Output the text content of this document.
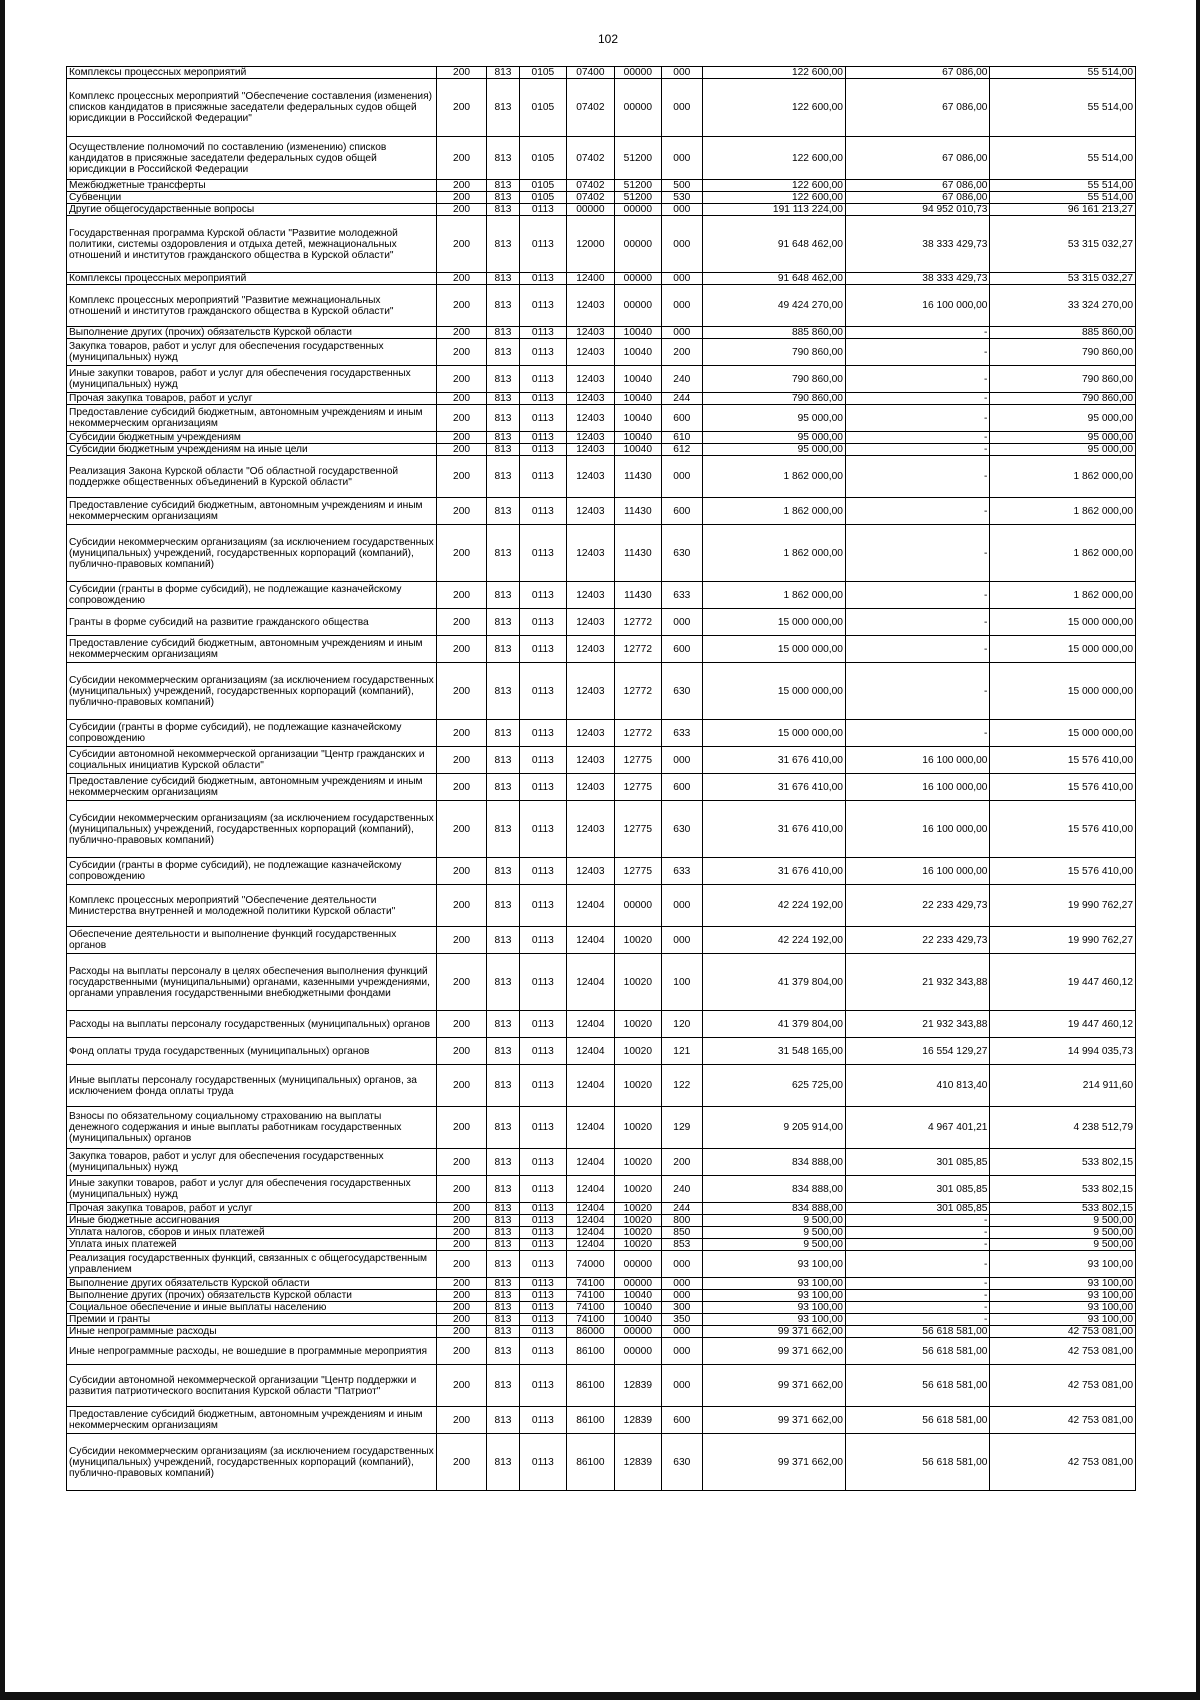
102
Комплексы процессных мероприятий	200	813	0105	07400	00000	000	122 600,00	67 086,00	55 514,00
Комплекс процессных мероприятий "Обеспечение составления (изменения) списков кандидатов в присяжные заседатели федеральных судов общей юрисдикции в Российской Федерации"	200	813	0105	07402	00000	000	122 600,00	67 086,00	55 514,00
Осуществление полномочий по составлению (изменению) списков кандидатов в присяжные заседатели федеральных судов общей юрисдикции в Российской Федерации	200	813	0105	07402	51200	000	122 600,00	67 086,00	55 514,00
Межбюджетные трансферты	200	813	0105	07402	51200	500	122 600,00	67 086,00	55 514,00
Субвенции	200	813	0105	07402	51200	530	122 600,00	67 086,00	55 514,00
Другие общегосударственные вопросы	200	813	0113	00000	00000	000	191 113 224,00	94 952 010,73	96 161 213,27
Государственная программа Курской области "Развитие молодежной политики, системы оздоровления и отдыха детей, межнациональных отношений и институтов гражданского общества в Курской области"	200	813	0113	12000	00000	000	91 648 462,00	38 333 429,73	53 315 032,27
Комплексы процессных мероприятий	200	813	0113	12400	00000	000	91 648 462,00	38 333 429,73	53 315 032,27
Комплекс процессных мероприятий "Развитие межнациональных отношений и институтов гражданского общества в Курской области"	200	813	0113	12403	00000	000	49 424 270,00	16 100 000,00	33 324 270,00
Выполнение других (прочих) обязательств Курской области	200	813	0113	12403	10040	000	885 860,00	-	885 860,00
Закупка товаров, работ и услуг для обеспечения государственных (муниципальных) нужд	200	813	0113	12403	10040	200	790 860,00	-	790 860,00
Иные закупки товаров, работ и услуг для обеспечения государственных (муниципальных) нужд	200	813	0113	12403	10040	240	790 860,00	-	790 860,00
Прочая закупка товаров, работ и услуг	200	813	0113	12403	10040	244	790 860,00	-	790 860,00
Предоставление субсидий бюджетным, автономным учреждениям и иным некоммерческим организациям	200	813	0113	12403	10040	600	95 000,00	-	95 000,00
Субсидии бюджетным учреждениям	200	813	0113	12403	10040	610	95 000,00	-	95 000,00
Субсидии бюджетным учреждениям на иные цели	200	813	0113	12403	10040	612	95 000,00	-	95 000,00
Реализация Закона Курской области "Об областной государственной поддержке общественных объединений в Курской области"	200	813	0113	12403	11430	000	1 862 000,00	-	1 862 000,00
Предоставление субсидий бюджетным, автономным учреждениям и иным некоммерческим организациям	200	813	0113	12403	11430	600	1 862 000,00	-	1 862 000,00
Субсидии некоммерческим организациям (за исключением государственных (муниципальных) учреждений, государственных корпораций (компаний), публично-правовых компаний)	200	813	0113	12403	11430	630	1 862 000,00	-	1 862 000,00
Субсидии (гранты в форме субсидий), не подлежащие казначейскому сопровождению	200	813	0113	12403	11430	633	1 862 000,00	-	1 862 000,00
Гранты в форме субсидий на развитие гражданского общества	200	813	0113	12403	12772	000	15 000 000,00	-	15 000 000,00
Предоставление субсидий бюджетным, автономным учреждениям и иным некоммерческим организациям	200	813	0113	12403	12772	600	15 000 000,00	-	15 000 000,00
Субсидии некоммерческим организациям (за исключением государственных (муниципальных) учреждений, государственных корпораций (компаний), публично-правовых компаний)	200	813	0113	12403	12772	630	15 000 000,00	-	15 000 000,00
Субсидии (гранты в форме субсидий), не подлежащие казначейскому сопровождению	200	813	0113	12403	12772	633	15 000 000,00	-	15 000 000,00
Субсидии автономной некоммерческой организации "Центр гражданских и социальных инициатив Курской области"	200	813	0113	12403	12775	000	31 676 410,00	16 100 000,00	15 576 410,00
Предоставление субсидий бюджетным, автономным учреждениям и иным некоммерческим организациям	200	813	0113	12403	12775	600	31 676 410,00	16 100 000,00	15 576 410,00
Субсидии некоммерческим организациям (за исключением государственных (муниципальных) учреждений, государственных корпораций (компаний), публично-правовых компаний)	200	813	0113	12403	12775	630	31 676 410,00	16 100 000,00	15 576 410,00
Субсидии (гранты в форме субсидий), не подлежащие казначейскому сопровождению	200	813	0113	12403	12775	633	31 676 410,00	16 100 000,00	15 576 410,00
Комплекс процессных мероприятий "Обеспечение деятельности Министерства внутренней и молодежной политики Курской области"	200	813	0113	12404	00000	000	42 224 192,00	22 233 429,73	19 990 762,27
Обеспечение деятельности и выполнение функций государственных органов	200	813	0113	12404	10020	000	42 224 192,00	22 233 429,73	19 990 762,27
Расходы на выплаты персоналу в целях обеспечения выполнения функций государственными (муниципальными) органами, казенными учреждениями, органами управления государственными внебюджетными фондами	200	813	0113	12404	10020	100	41 379 804,00	21 932 343,88	19 447 460,12
Расходы на выплаты персоналу государственных (муниципальных) органов	200	813	0113	12404	10020	120	41 379 804,00	21 932 343,88	19 447 460,12
Фонд оплаты труда государственных (муниципальных) органов	200	813	0113	12404	10020	121	31 548 165,00	16 554 129,27	14 994 035,73
Иные выплаты персоналу государственных (муниципальных) органов, за исключением фонда оплаты труда	200	813	0113	12404	10020	122	625 725,00	410 813,40	214 911,60
Взносы по обязательному социальному страхованию на выплаты денежного содержания и иные выплаты работникам государственных (муниципальных) органов	200	813	0113	12404	10020	129	9 205 914,00	4 967 401,21	4 238 512,79
Закупка товаров, работ и услуг для обеспечения государственных (муниципальных) нужд	200	813	0113	12404	10020	200	834 888,00	301 085,85	533 802,15
Иные закупки товаров, работ и услуг для обеспечения государственных (муниципальных) нужд	200	813	0113	12404	10020	240	834 888,00	301 085,85	533 802,15
Прочая закупка товаров, работ и услуг	200	813	0113	12404	10020	244	834 888,00	301 085,85	533 802,15
Иные бюджетные ассигнования	200	813	0113	12404	10020	800	9 500,00	-	9 500,00
Уплата налогов, сборов и иных платежей	200	813	0113	12404	10020	850	9 500,00	-	9 500,00
Уплата иных платежей	200	813	0113	12404	10020	853	9 500,00	-	9 500,00
Реализация государственных функций, связанных с общегосударственным управлением	200	813	0113	74000	00000	000	93 100,00	-	93 100,00
Выполнение других обязательств Курской области	200	813	0113	74100	00000	000	93 100,00	-	93 100,00
Выполнение других (прочих) обязательств Курской области	200	813	0113	74100	10040	000	93 100,00	-	93 100,00
Социальное обеспечение и иные выплаты населению	200	813	0113	74100	10040	300	93 100,00	-	93 100,00
Премии и гранты	200	813	0113	74100	10040	350	93 100,00	-	93 100,00
Иные непрограммные расходы	200	813	0113	86000	00000	000	99 371 662,00	56 618 581,00	42 753 081,00
Иные непрограммные расходы, не вошедшие в программные мероприятия	200	813	0113	86100	00000	000	99 371 662,00	56 618 581,00	42 753 081,00
Субсидии автономной некоммерческой организации "Центр поддержки и развития патриотического воспитания Курской области "Патриот"	200	813	0113	86100	12839	000	99 371 662,00	56 618 581,00	42 753 081,00
Предоставление субсидий бюджетным, автономным учреждениям и иным некоммерческим организациям	200	813	0113	86100	12839	600	99 371 662,00	56 618 581,00	42 753 081,00
Субсидии некоммерческим организациям (за исключением государственных (муниципальных) учреждений, государственных корпораций (компаний), публично-правовых компаний)	200	813	0113	86100	12839	630	99 371 662,00	56 618 581,00	42 753 081,00
